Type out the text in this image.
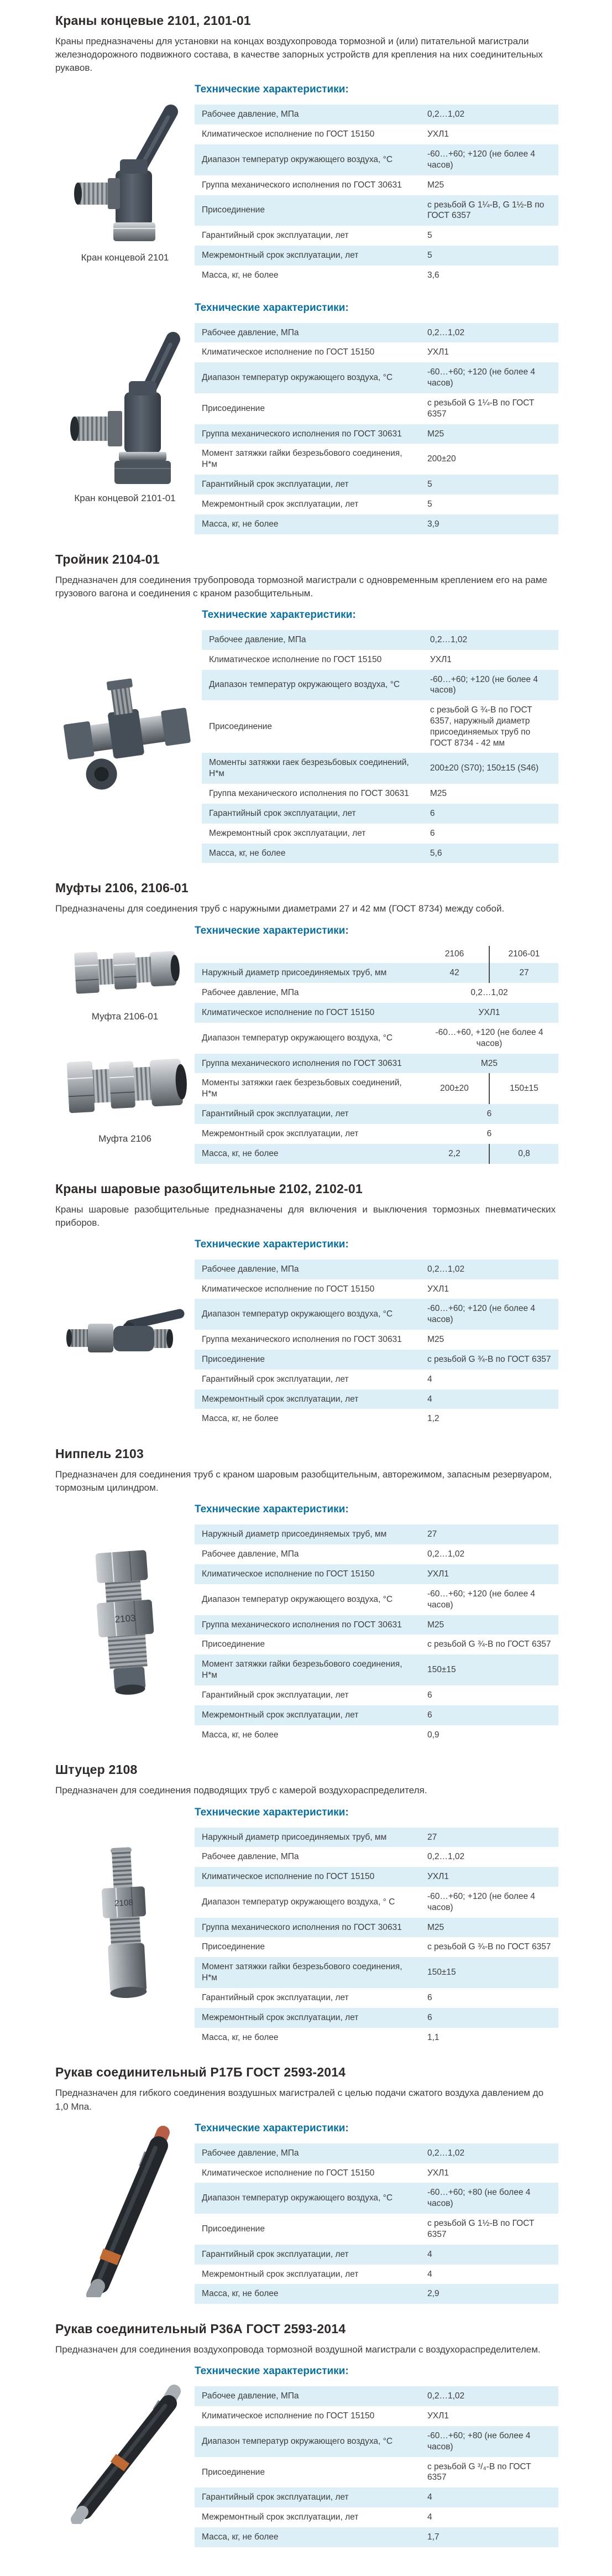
Краны концевые 2101, 2101-01

Краны предназначены для установки на концах воздухопровода тормозной и (или) питательной магистрали железнодорожного подвижного состава, в качестве запорных устройств для крепления на них соединительных рукавов.

Кран концевой 2101
Технические характеристики:
Рабочее давление, МПа	0,2…1,02
Климатическое исполнение по ГОСТ 15150	УХЛ1
Диапазон температур окружающего воздуха, °С	-60…+60; +120 (не более 4 часов)
Группа механического исполнения по ГОСТ 30631	М25
Присоединение	с резьбой G 1¼-В, G 1½-В по ГОСТ 6357
Гарантийный срок эксплуатации, лет	5
Межремонтный срок эксплуатации, лет	5
Масса, кг, не более	3,6
Кран концевой 2101-01
Технические характеристики:
Рабочее давление, МПа	0,2…1,02
Климатическое исполнение по ГОСТ 15150	УХЛ1
Диапазон температур окружающего воздуха, °С	-60…+60; +120 (не более 4 часов)
Присоединение	с резьбой G 1¼-В по ГОСТ 6357
Группа механического исполнения по ГОСТ 30631	М25
Момент затяжки гайки безрезьбового соединения, Н*м	200±20
Гарантийный срок эксплуатации, лет	5
Межремонтный срок эксплуатации, лет	5
Масса, кг, не более	3,9
Тройник 2104-01

Предназначен для соединения трубопровода тормозной магистрали с одновременным креплением его на раме грузового вагона и соединения с краном разобщительным.

Технические характеристики:
Рабочее давление, МПа	0,2…1,02
Климатическое исполнение по ГОСТ 15150	УХЛ1
Диапазон температур окружающего воздуха, °С	-60…+60; +120 (не более 4 часов)
Присоединение	с резьбой G ¾-В по ГОСТ 6357, наружный диаметр присоединяемых труб по ГОСТ 8734 - 42 мм
Моменты затяжки гаек безрезьбовых соединений, Н*м	200±20 (S70); 150±15 (S46)
Группа механического исполнения по ГОСТ 30631	М25
Гарантийный срок эксплуатации, лет	6
Межремонтный срок эксплуатации, лет	6
Масса, кг, не более	5,6
Муфты 2106, 2106-01

Предназначены для соединения труб с наружными диаметрами 27 и 42 мм (ГОСТ 8734) между собой.

Муфта 2106-01
Муфта 2106
Технические характеристики:
	2106	2106-01
Наружный диаметр присоединяемых труб, мм	42	27
Рабочее давление, МПа	0,2…1,02	
Климатическое исполнение по ГОСТ 15150	УХЛ1	
Диапазон температур окружающего воздуха, °С	-60…+60, +120 (не более 4 часов)	
Группа механического исполнения по ГОСТ 30631	М25	
Моменты затяжки гаек безрезьбовых соединений, Н*м	200±20	150±15
Гарантийный срок эксплуатации, лет	6	
Межремонтный срок эксплуатации, лет	6	
Масса, кг, не более	2,2	0,8
Краны шаровые разобщительные 2102, 2102-01

Краны шаровые разобщительные предназначены для включения и выключения тормозных пневматических приборов.

Технические характеристики:
Рабочее давление, МПа	0,2…1,02
Климатическое исполнение по ГОСТ 15150	УХЛ1
Диапазон температур окружающего воздуха, °С	-60…+60; +120 (не более 4 часов)
Группа механического исполнения по ГОСТ 30631	М25
Присоединение	с резьбой G ¾-В по ГОСТ 6357
Гарантийный срок эксплуатации, лет	4
Межремонтный срок эксплуатации, лет	4
Масса, кг, не более	1,2
Ниппель 2103

Предназначен для соединения труб с краном шаровым разобщительным, авторежимом, запасным резервуаром, тормозным цилиндром.

2103
Технические характеристики:
Наружный диаметр присоединяемых труб, мм	27
Рабочее давление, МПа	0,2…1,02
Климатическое исполнение по ГОСТ 15150	УХЛ1
Диапазон температур окружающего воздуха, °С	-60…+60; +120 (не более 4 часов)
Группа механического исполнения по ГОСТ 30631	М25
Присоединение	с резьбой G ¾-В по ГОСТ 6357
Момент затяжки гайки безрезьбового соединения, Н*м	150±15
Гарантийный срок эксплуатации, лет	6
Межремонтный срок эксплуатации, лет	6
Масса, кг, не более	0,9
Штуцер 2108

Предназначен для соединения подводящих труб с камерой воздухораспределителя.

2108
Технические характеристики:
Наружный диаметр присоединяемых труб, мм	27
Рабочее давление, МПа	0,2…1,02
Климатическое исполнение по ГОСТ 15150	УХЛ1
Диапазон температур окружающего воздуха, ° С	-60…+60; +120 (не более 4 часов)
Группа механического исполнения по ГОСТ 30631	М25
Присоединение	с резьбой G ¾-В по ГОСТ 6357
Момент затяжки гайки безрезьбового соединения, Н*м	150±15
Гарантийный срок эксплуатации, лет	6
Межремонтный срок эксплуатации, лет	6
Масса, кг, не более	1,1
Рукав соединительный Р17Б ГОСТ 2593-2014

Предназначен для гибкого соединения воздушных магистралей с целью подачи сжатого воздуха давлением до 1,0 Мпа.

Технические характеристики:
Рабочее давление, МПа	0,2…1,02
Климатическое исполнение по ГОСТ 15150	УХЛ1
Диапазон температур окружающего воздуха, °С	-60…+60; +80 (не более 4 часов)
Присоединение	с резьбой G 1½-В по ГОСТ 6357
Гарантийный срок эксплуатации, лет	4
Межремонтный срок эксплуатации, лет	4
Масса, кг, не более	2,9
Рукав соединительный Р36А ГОСТ 2593-2014

Предназначен для соединения воздухопровода тормозной воздушной магистрали с воздухораспределителем.

Технические характеристики:
Рабочее давление, МПа	0,2…1,02
Климатическое исполнение по ГОСТ 15150	УХЛ1
Диапазон температур окружающего воздуха, °С	-60…+60; +80 (не более 4 часов)
Присоединение	с резьбой G ³/₄-В по ГОСТ 6357
Гарантийный срок эксплуатации, лет	4
Межремонтный срок эксплуатации, лет	4
Масса, кг, не более	1,7
